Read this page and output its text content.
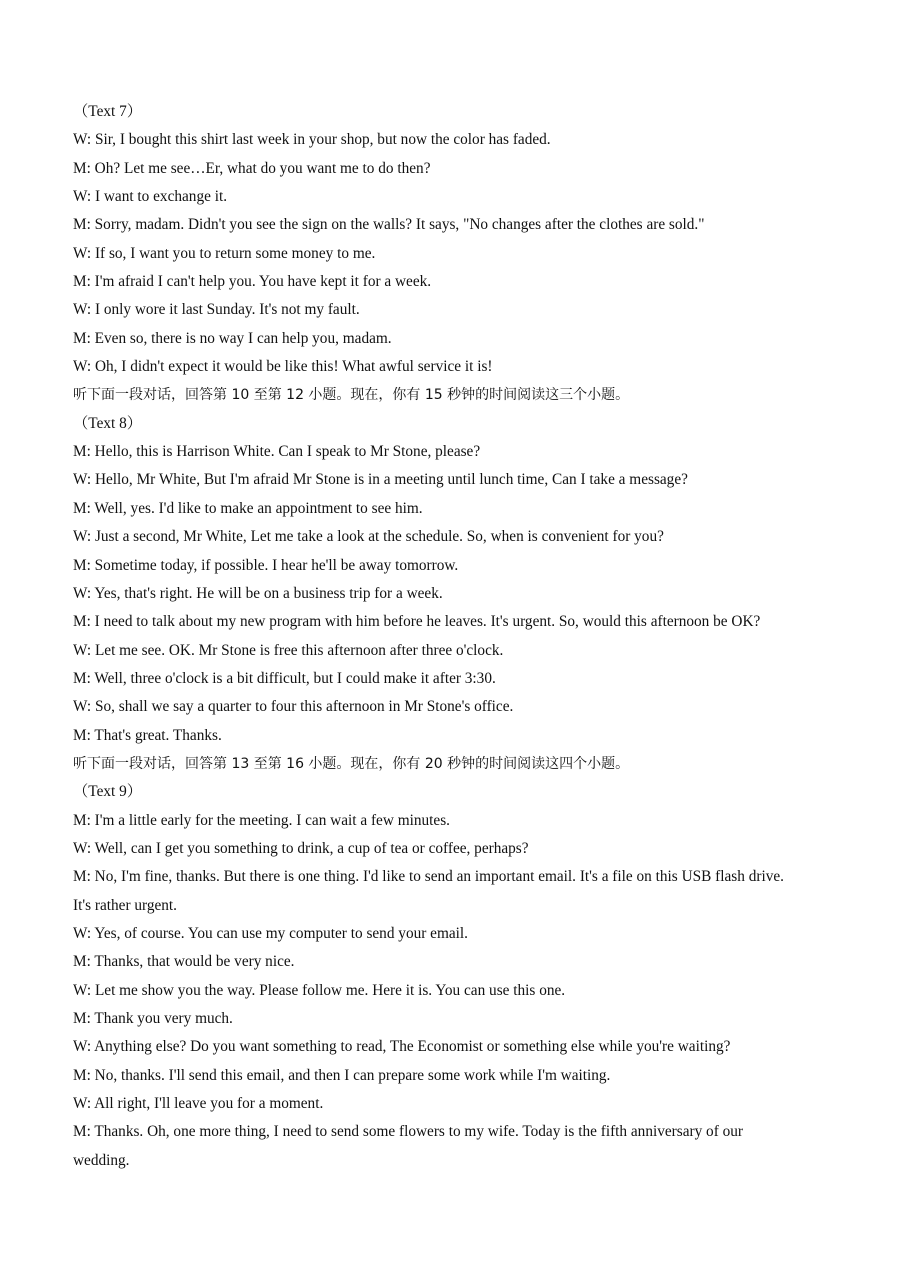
（Text 7）
W: Sir, I bought this shirt last week in your shop, but now the color has faded.
M: Oh? Let me see…Er, what do you want me to do then?
W: I want to exchange it.
M: Sorry, madam. Didn't you see the sign on the walls? It says, "No changes after the clothes are sold."
W: If so, I want you to return some money to me.
M: I'm afraid I can't help you. You have kept it for a week.
W: I only wore it last Sunday. It's not my fault.
M: Even so, there is no way I can help you, madam.
W: Oh, I didn't expect it would be like this! What awful service it is!
听下面一段对话，回答第 10 至第 12 小题。现在，你有 15 秒钟的时间阅读这三个小题。
（Text 8）
M: Hello, this is Harrison White. Can I speak to Mr Stone, please?
W: Hello, Mr White, But I'm afraid Mr Stone is in a meeting until lunch time, Can I take a message?
M: Well, yes. I'd like to make an appointment to see him.
W: Just a second, Mr White, Let me take a look at the schedule. So, when is convenient for you?
M: Sometime today, if possible. I hear he'll be away tomorrow.
W: Yes, that's right. He will be on a business trip for a week.
M: I need to talk about my new program with him before he leaves. It's urgent. So, would this afternoon be OK?
W: Let me see. OK. Mr Stone is free this afternoon after three o'clock.
M: Well, three o'clock is a bit difficult, but I could make it after 3:30.
W: So, shall we say a quarter to four this afternoon in Mr Stone's office.
M: That's great. Thanks.
听下面一段对话，回答第 13 至第 16 小题。现在，你有 20 秒钟的时间阅读这四个小题。
（Text 9）
M: I'm a little early for the meeting. I can wait a few minutes.
W: Well, can I get you something to drink, a cup of tea or coffee, perhaps?
M: No, I'm fine, thanks. But there is one thing. I'd like to send an important email. It's a file on this USB flash drive.
It's rather urgent.
W: Yes, of course. You can use my computer to send your email.
M: Thanks, that would be very nice.
W: Let me show you the way. Please follow me. Here it is. You can use this one.
M: Thank you very much.
W: Anything else? Do you want something to read, The Economist or something else while you're waiting?
M: No, thanks. I'll send this email, and then I can prepare some work while I'm waiting.
W: All right, I'll leave you for a moment.
M: Thanks. Oh, one more thing, I need to send some flowers to my wife. Today is the fifth anniversary of our
wedding.
